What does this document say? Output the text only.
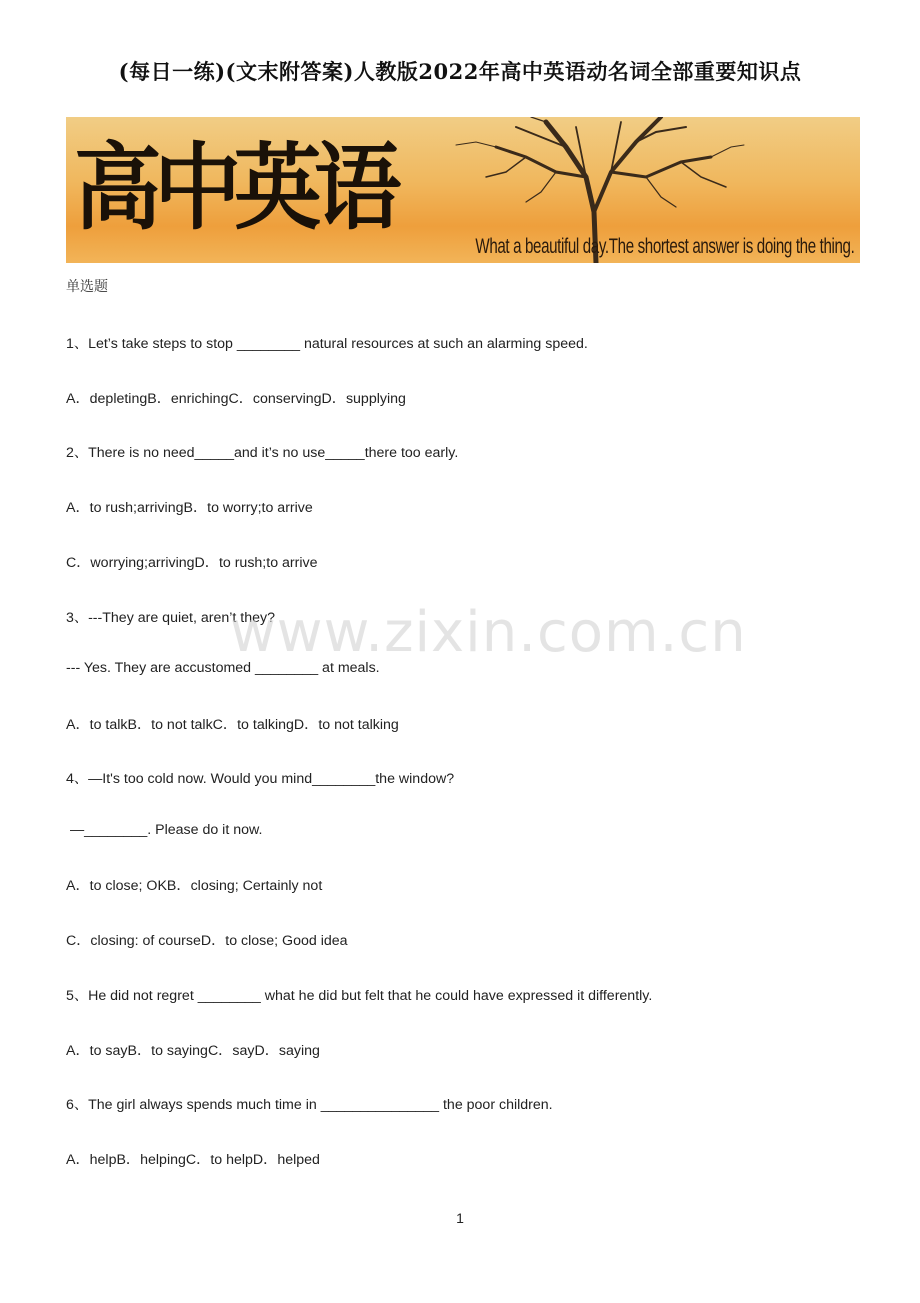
(每日一练)(文末附答案)人教版2022年高中英语动名词全部重要知识点
高中英语
What a beautiful day.The shortest answer is doing the thing.
单选题
1、Let’s take steps to stop ________ natural resources at such an alarming speed.
A．depletingB．enrichingC．conservingD．supplying
2、There is no need_____and it’s no use_____there too early.
A．to rush;arrivingB．to worry;to arrive
C．worrying;arrivingD．to rush;to arrive
3、---They are quiet, aren’t they?
--- Yes. They are accustomed ________ at meals.
A．to talkB．to not talkC．to talkingD．to not talking
4、—It's too cold now. Would you mind________the window?
—________. Please do it now.
A．to close; OKB．closing; Certainly not
C．closing: of courseD．to close; Good idea
5、He did not regret ________ what he did but felt that he could have expressed it differently.
A．to sayB．to sayingC．sayD．saying
6、The girl always spends much time in _______________ the poor children.
A．helpB．helpingC．to helpD．helped
www.zixin.com.cn
1
